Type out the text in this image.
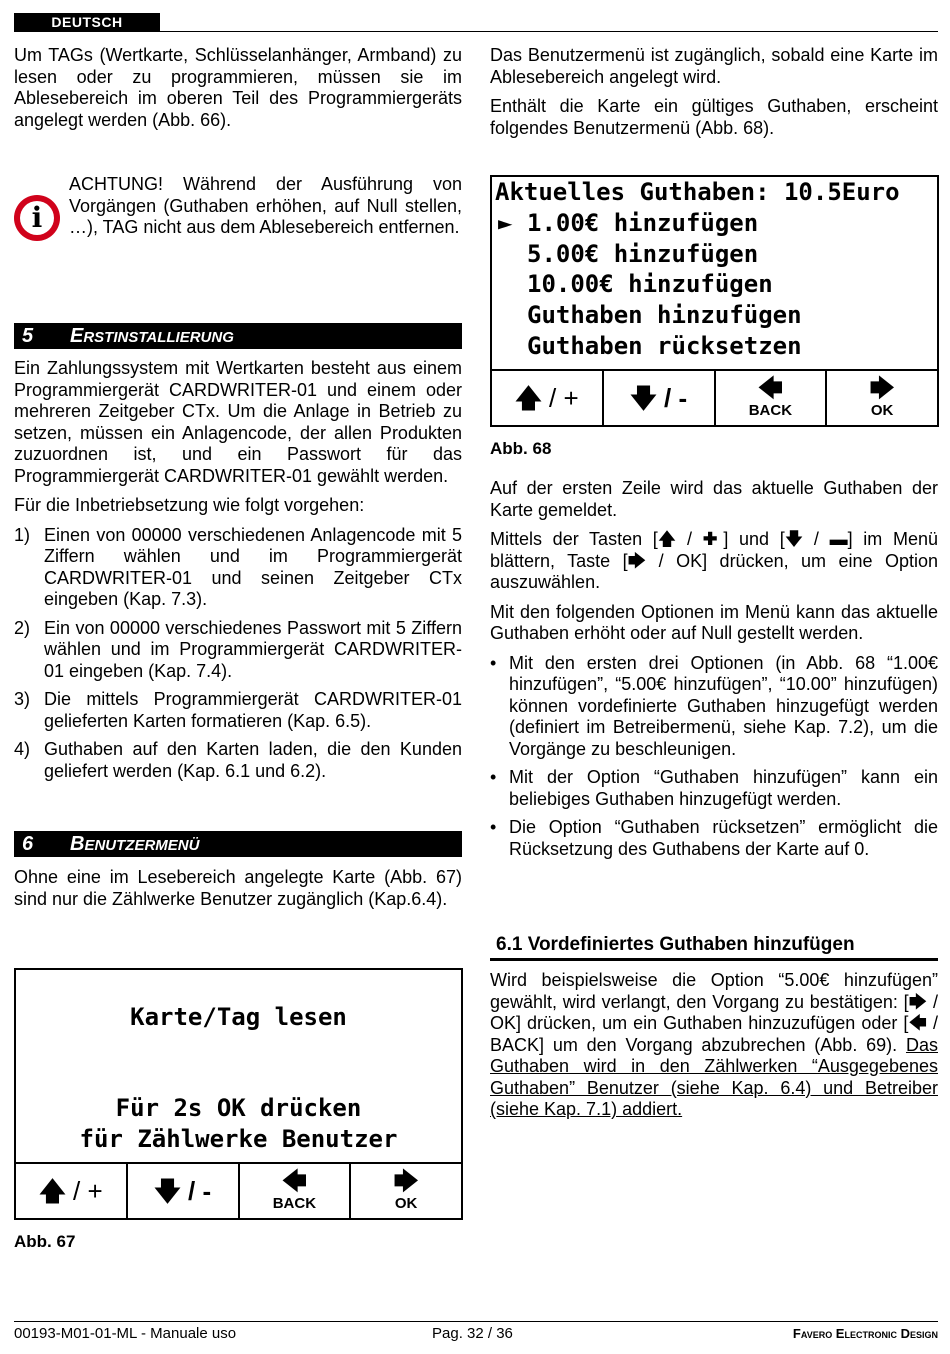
DEUTSCH

Um TAGs (Wertkarte, Schlüsselanhänger, Armband) zu lesen oder zu programmieren, müssen sie im Ablesebereich im oberen Teil des Programmiergeräts angelegt werden (Abb. 66).

i

ACHTUNG! Während der Ausführung von Vorgängen (Guthaben erhöhen, auf Null stellen, …), TAG nicht aus dem Ablesebereich entfernen.

5 ERSTINSTALLIERUNG

Ein Zahlungssystem mit Wertkarten besteht aus einem Programmiergerät CARDWRITER-01 und einem oder mehreren Zeitgeber CTx. Um die Anlage in Betrieb zu setzen, müssen ein Anlagencode, der allen Produkten zuzuordnen ist, und ein Passwort für das Programmiergerät CARDWRITER-01 gewählt werden.

Für die Inbetriebsetzung wie folgt vorgehen:

1) Einen von 00000 verschiedenen Anlagencode mit 5 Ziffern wählen und im Programmiergerät CARDWRITER-01 und seinen Zeitgeber CTx eingeben (Kap. 7.3).
2) Ein von 00000 verschiedenes Passwort mit 5 Ziffern wählen und im Programmiergerät CARDWRITER-01 eingeben (Kap. 7.4).
3) Die mittels Programmiergerät CARDWRITER-01 gelieferten Karten formatieren (Kap. 6.5).
4) Guthaben auf den Karten laden, die den Kunden geliefert werden (Kap. 6.1 und 6.2).
6 BENUTZERMENÜ

Ohne eine im Lesebereich angelegte Karte (Abb. 67) sind nur die Zählwerke Benutzer zugänglich (Kap.6.4).

Karte/Tag lesen
Für 2s OK drücken
für Zählwerke Benutzer
🡅 / + 🡇 / -	🡄
BACK
🡆
OK
Abb. 67

Das Benutzermenü ist zugänglich, sobald eine Karte im Ablesebereich angelegt wird.

Enthält die Karte ein gültiges Guthaben, erscheint folgendes Benutzermenü (Abb. 68).

Aktuelles Guthaben: 10.5Euro
► 1.00€ hinzufügen
5.00€ hinzufügen
10.00€ hinzufügen
Guthaben hinzufügen
Guthaben rücksetzen
🡅 / + 🡇 / -	🡄
BACK
🡆
OK
Abb. 68

Auf der ersten Zeile wird das aktuelle Guthaben der Karte gemeldet.

Mittels der Tasten [🡅 / ✚] und [🡇 / ▬] im Menü blättern, Taste [🡆 / OK] drücken, um eine Option auszuwählen.

Mit den folgenden Optionen im Menü kann das aktuelle Guthaben erhöht oder auf Null gestellt werden.

• Mit den ersten drei Optionen (in Abb. 68 “1.00€ hinzufügen”, “5.00€ hinzufügen”, “10.00” hinzufügen) können vordefinierte Guthaben hinzugefügt werden (definiert im Betreibermenü, siehe Kap. 7.2), um die Vorgänge zu beschleunigen.
• Mit der Option “Guthaben hinzufügen” kann ein beliebiges Guthaben hinzugefügt werden.
• Die Option “Guthaben rücksetzen” ermöglicht die Rücksetzung des Guthabens der Karte auf 0.
6.1 Vordefiniertes Guthaben hinzufügen

Wird beispielsweise die Option “5.00€ hinzufügen” gewählt, wird verlangt, den Vorgang zu bestätigen: [🡆 / OK] drücken, um ein Guthaben hinzuzufügen oder [🡄 / BACK] um den Vorgang abzubrechen (Abb. 69). Das Guthaben wird in den Zählwerken “Ausgegebenes Guthaben” Benutzer (siehe Kap. 6.4) und Betreiber (siehe Kap. 7.1) addiert.

00193-M01-01-ML - Manuale uso	Pag. 32 / 36	Favero Electronic Design
